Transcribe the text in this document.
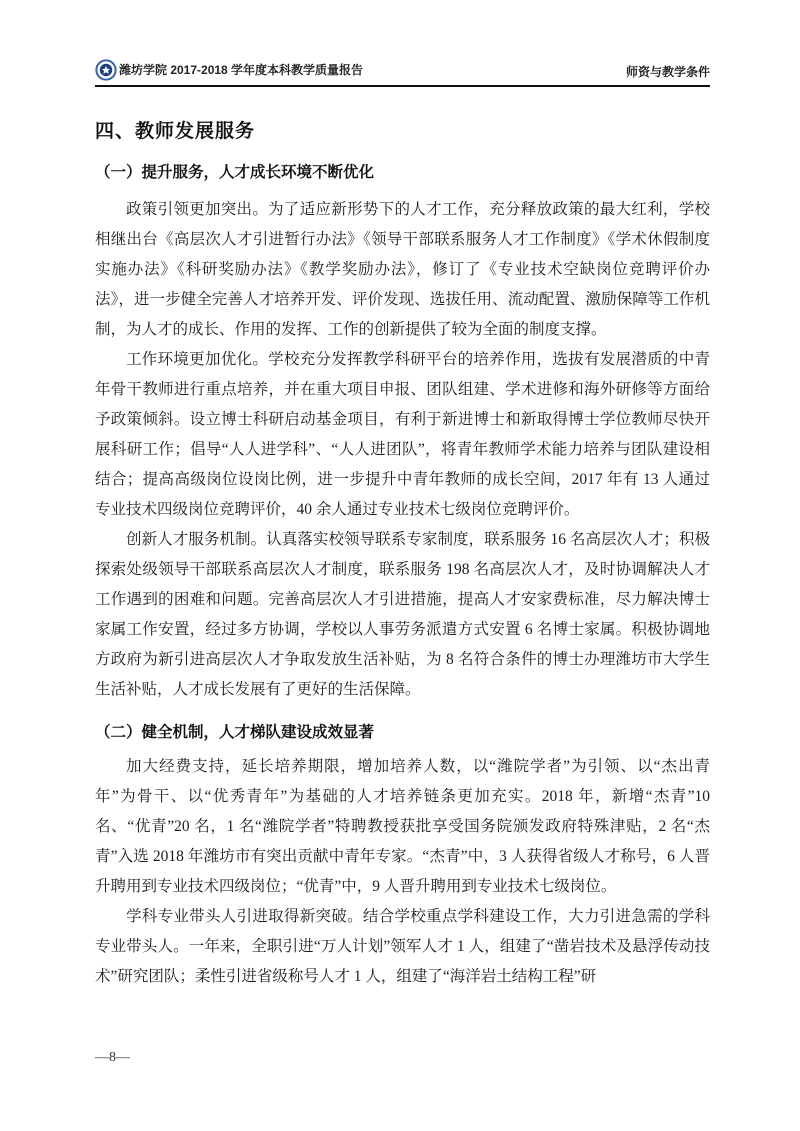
潍坊学院 2017-2018 学年度本科教学质量报告	师资与教学条件
四、教师发展服务
（一）提升服务，人才成长环境不断优化

政策引领更加突出。为了适应新形势下的人才工作，充分释放政策的最大红利，学校相继出台《高层次人才引进暂行办法》《领导干部联系服务人才工作制度》《学术休假制度实施办法》《科研奖励办法》《教学奖励办法》，修订了《专业技术空缺岗位竞聘评价办法》，进一步健全完善人才培养开发、评价发现、选拔任用、流动配置、激励保障等工作机制，为人才的成长、作用的发挥、工作的创新提供了较为全面的制度支撑。

工作环境更加优化。学校充分发挥教学科研平台的培养作用，选拔有发展潜质的中青年骨干教师进行重点培养，并在重大项目申报、团队组建、学术进修和海外研修等方面给予政策倾斜。设立博士科研启动基金项目，有利于新进博士和新取得博士学位教师尽快开展科研工作；倡导“人人进学科”、“人人进团队”，将青年教师学术能力培养与团队建设相结合；提高高级岗位设岗比例，进一步提升中青年教师的成长空间，2017 年有 13 人通过专业技术四级岗位竞聘评价，40 余人通过专业技术七级岗位竞聘评价。

创新人才服务机制。认真落实校领导联系专家制度，联系服务 16 名高层次人才；积极探索处级领导干部联系高层次人才制度，联系服务 198 名高层次人才，及时协调解决人才工作遇到的困难和问题。完善高层次人才引进措施，提高人才安家费标准，尽力解决博士家属工作安置，经过多方协调，学校以人事劳务派遣方式安置 6 名博士家属。积极协调地方政府为新引进高层次人才争取发放生活补贴，为 8 名符合条件的博士办理潍坊市大学生生活补贴，人才成长发展有了更好的生活保障。

（二）健全机制，人才梯队建设成效显著

加大经费支持，延长培养期限，增加培养人数，以“潍院学者”为引领、以“杰出青年”为骨干、以“优秀青年”为基础的人才培养链条更加充实。2018 年，新增“杰青”10 名、“优青”20 名，1 名“潍院学者”特聘教授获批享受国务院颁发政府特殊津贴，2 名“杰青”入选 2018 年潍坊市有突出贡献中青年专家。“杰青”中，3 人获得省级人才称号，6 人晋升聘用到专业技术四级岗位；“优青”中，9 人晋升聘用到专业技术七级岗位。

学科专业带头人引进取得新突破。结合学校重点学科建设工作，大力引进急需的学科专业带头人。一年来，全职引进“万人计划”领军人才 1 人，组建了“凿岩技术及悬浮传动技术”研究团队；柔性引进省级称号人才 1 人，组建了“海洋岩土结构工程”研

—8—
